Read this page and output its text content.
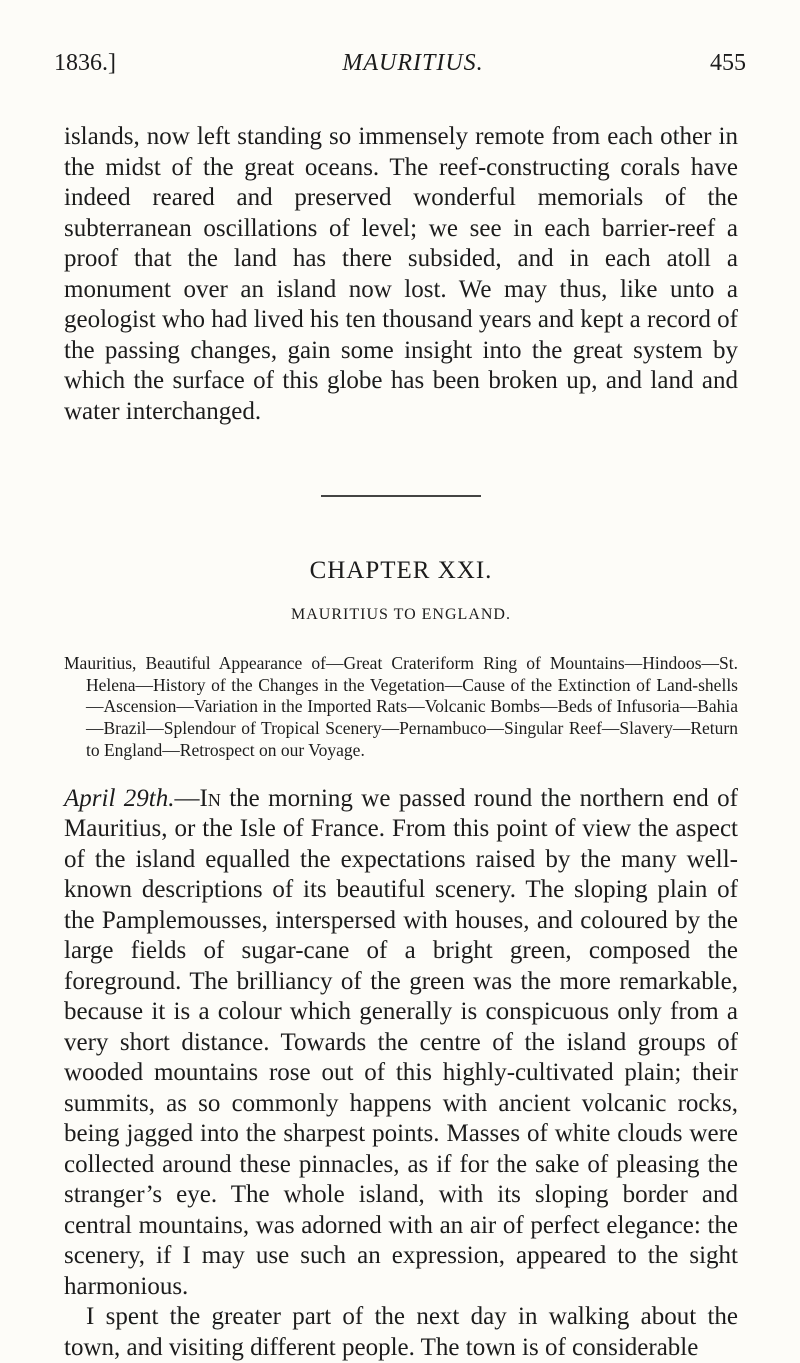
1836.]	MAURITIUS.	455

islands, now left standing so immensely remote from each other in the midst of the great oceans. The reef-constructing corals have indeed reared and preserved wonderful memorials of the subterranean oscillations of level; we see in each barrier-reef a proof that the land has there subsided, and in each atoll a monument over an island now lost. We may thus, like unto a geologist who had lived his ten thousand years and kept a record of the passing changes, gain some insight into the great system by which the surface of this globe has been broken up, and land and water interchanged.

CHAPTER XXI.
MAURITIUS TO ENGLAND.

Mauritius, Beautiful Appearance of—Great Crateriform Ring of Mountains—Hindoos—St. Helena—History of the Changes in the Vegetation—Cause of the Extinction of Land-shells—Ascension—Variation in the Imported Rats—Volcanic Bombs—Beds of Infusoria—Bahia—Brazil—Splendour of Tropical Scenery—Pernambuco—Singular Reef—Slavery—Return to England—Retrospect on our Voyage.

April 29th.—In the morning we passed round the northern end of Mauritius, or the Isle of France. From this point of view the aspect of the island equalled the expectations raised by the many well-known descriptions of its beautiful scenery. The sloping plain of the Pamplemousses, interspersed with houses, and coloured by the large fields of sugar-cane of a bright green, composed the foreground. The brilliancy of the green was the more remarkable, because it is a colour which generally is conspicuous only from a very short distance. Towards the centre of the island groups of wooded mountains rose out of this highly-cultivated plain; their summits, as so commonly happens with ancient volcanic rocks, being jagged into the sharpest points. Masses of white clouds were collected around these pinnacles, as if for the sake of pleasing the stranger’s eye. The whole island, with its sloping border and central mountains, was adorned with an air of perfect elegance: the scenery, if I may use such an expression, appeared to the sight harmonious.

I spent the greater part of the next day in walking about the town, and visiting different people. The town is of considerable
